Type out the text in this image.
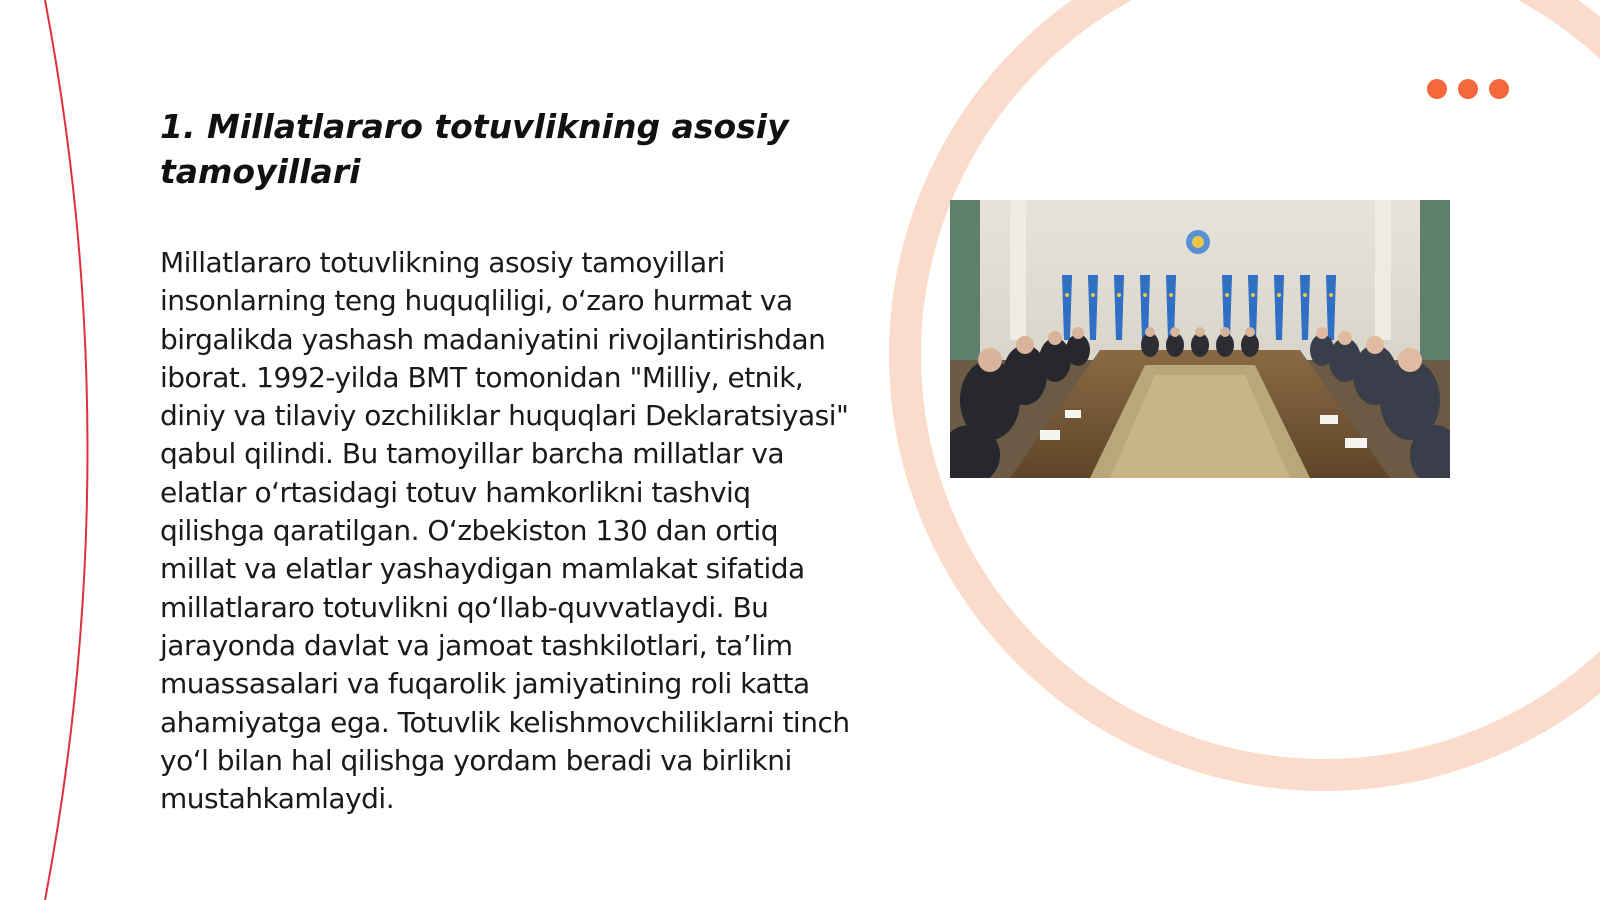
1. Millatlararo totuvlikning asosiy tamoyillari

Millatlararo totuvlikning asosiy tamoyillari insonlarning teng huquqliligi, o‘zaro hurmat va birgalikda yashash madaniyatini rivojlantirishdan iborat. 1992-yilda BMT tomonidan "Milliy, etnik, diniy va tilaviy ozchiliklar huquqlari Deklaratsiyasi" qabul qilindi. Bu tamoyillar barcha millatlar va elatlar o‘rtasidagi totuv hamkorlikni tashviq qilishga qaratilgan. O‘zbekiston 130 dan ortiq millat va elatlar yashaydigan mamlakat sifatida millatlararo totuvlikni qo‘llab-quvvatlaydi. Bu jarayonda davlat va jamoat tashkilotlari, ta’lim muassasalari va fuqarolik jamiyatining roli katta ahamiyatga ega. Totuvlik kelishmovchiliklarni tinch yo‘l bilan hal qilishga yordam beradi va birlikni mustahkamlaydi.
